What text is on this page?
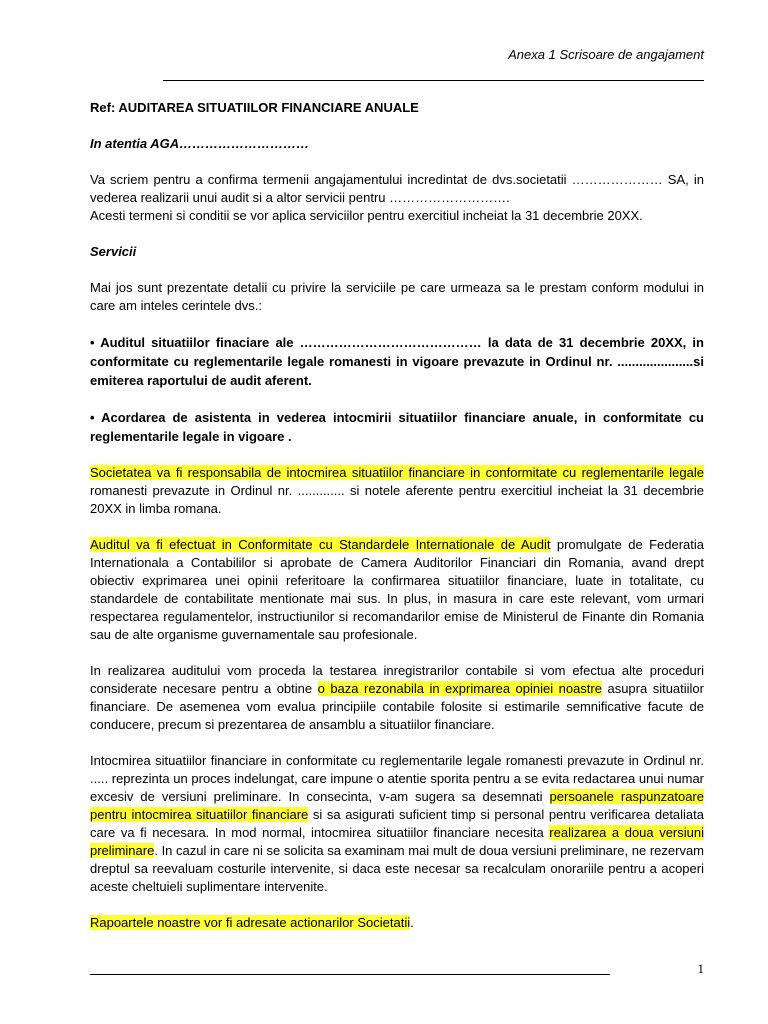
Anexa 1 Scrisoare de angajament

Ref: AUDITAREA SITUATIILOR FINANCIARE ANUALE

In atentia AGA…………………………

Va scriem pentru a confirma termenii angajamentului incredintat de dvs.societatii ………………… SA, in vederea realizarii unui audit si a altor servicii pentru ……………………….
Acesti termeni si conditii se vor aplica serviciilor pentru exercitiul incheiat la 31 decembrie 20XX.

Servicii

Mai jos sunt prezentate detalii cu privire la serviciile pe care urmeaza sa le prestam conform modului in care am inteles cerintele dvs.:

• Auditul situatiilor finaciare ale …………………………………… la data de 31 decembrie 20XX, in conformitate cu reglementarile legale romanesti in vigoare prevazute in Ordinul nr. .....................si emiterea raportului de audit aferent.

• Acordarea de asistenta in vederea intocmirii situatiilor financiare anuale, in conformitate cu reglementarile legale in vigoare .

Societatea va fi responsabila de intocmirea situatiilor financiare in conformitate cu reglementarile legale romanesti prevazute in Ordinul nr. ............. si notele aferente pentru exercitiul incheiat la 31 decembrie 20XX in limba romana.

Auditul va fi efectuat in Conformitate cu Standardele Internationale de Audit promulgate de Federatia Internationala a Contabililor si aprobate de Camera Auditorilor Financiari din Romania, avand drept obiectiv exprimarea unei opinii referitoare la confirmarea situatiilor financiare, luate in totalitate, cu standardele de contabilitate mentionate mai sus. In plus, in masura in care este relevant, vom urmari respectarea regulamentelor, instructiunilor si recomandarilor emise de Ministerul de Finante din Romania sau de alte organisme guvernamentale sau profesionale.

In realizarea auditului vom proceda la testarea inregistrarilor contabile si vom efectua alte proceduri considerate necesare pentru a obtine o baza rezonabila in exprimarea opiniei noastre asupra situatiilor financiare. De asemenea vom evalua principiile contabile folosite si estimarile semnificative facute de conducere, precum si prezentarea de ansamblu a situatiilor financiare.

Intocmirea situatiilor financiare in conformitate cu reglementarile legale romanesti prevazute in Ordinul nr. ..... reprezinta un proces indelungat, care impune o atentie sporita pentru a se evita redactarea unui numar excesiv de versiuni preliminare. In consecinta, v-am sugera sa desemnati persoanele raspunzatoare pentru intocmirea situatiilor financiare si sa asigurati suficient timp si personal pentru verificarea detaliata care va fi necesara. In mod normal, intocmirea situatiilor financiare necesita realizarea a doua versiuni preliminare. In cazul in care ni se solicita sa examinam mai mult de doua versiuni preliminare, ne rezervam dreptul sa reevaluam costurile intervenite, si daca este necesar sa recalculam onorariile pentru a acoperi aceste cheltuieli suplimentare intervenite.

Rapoartele noastre vor fi adresate actionarilor Societatii.

1
